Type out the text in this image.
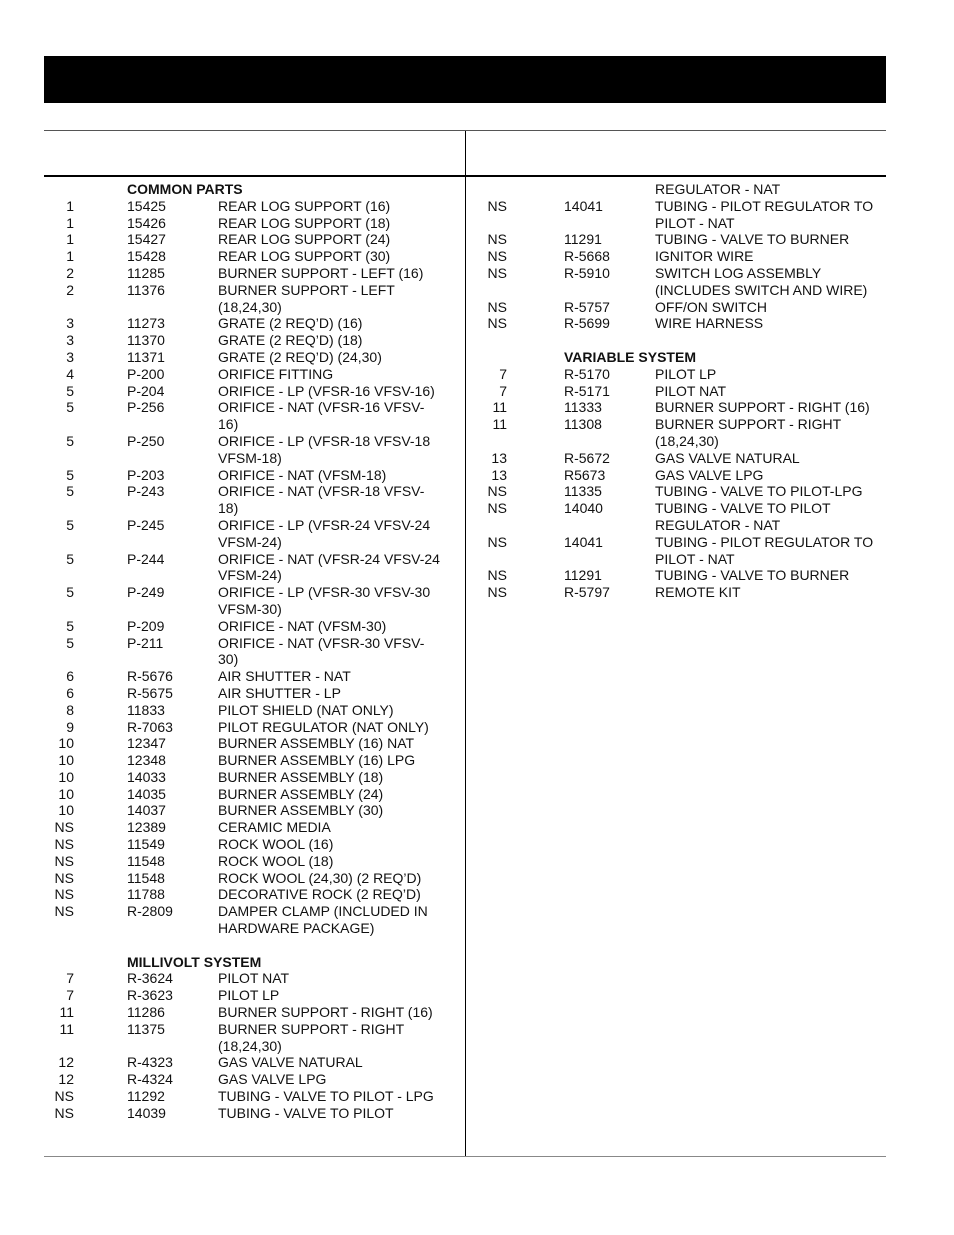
COMMON PARTS
1	15425	REAR LOG SUPPORT (16)
1	15426	REAR LOG SUPPORT (18)
1	15427	REAR LOG SUPPORT (24)
1	15428	REAR LOG SUPPORT (30)
2	11285	BURNER SUPPORT - LEFT (16)
2	11376	BURNER SUPPORT - LEFT
(18,24,30)
3	11273	GRATE (2 REQ’D) (16)
3	11370	GRATE (2 REQ’D) (18)
3	11371	GRATE (2 REQ’D) (24,30)
4	P-200	ORIFICE FITTING
5	P-204	ORIFICE - LP (VFSR-16 VFSV-16)
5	P-256	ORIFICE - NAT (VFSR-16 VFSV-
16)
5	P-250	ORIFICE - LP (VFSR-18 VFSV-18
VFSM-18)
5	P-203	ORIFICE - NAT (VFSM-18)
5	P-243	ORIFICE - NAT (VFSR-18 VFSV-
18)
5	P-245	ORIFICE - LP (VFSR-24 VFSV-24
VFSM-24)
5	P-244	ORIFICE - NAT (VFSR-24 VFSV-24
VFSM-24)
5	P-249	ORIFICE - LP (VFSR-30 VFSV-30
VFSM-30)
5	P-209	ORIFICE - NAT (VFSM-30)
5	P-211	ORIFICE - NAT (VFSR-30 VFSV-
30)
6	R-5676	AIR SHUTTER - NAT
6	R-5675	AIR SHUTTER - LP
8	11833	PILOT SHIELD (NAT ONLY)
9	R-7063	PILOT REGULATOR (NAT ONLY)
10	12347	BURNER ASSEMBLY (16) NAT
10	12348	BURNER ASSEMBLY (16) LPG
10	14033	BURNER ASSEMBLY (18)
10	14035	BURNER ASSEMBLY (24)
10	14037	BURNER ASSEMBLY (30)
NS	12389	CERAMIC MEDIA
NS	11549	ROCK WOOL (16)
NS	11548	ROCK WOOL (18)
NS	11548	ROCK WOOL (24,30) (2 REQ’D)
NS	11788	DECORATIVE ROCK (2 REQ’D)
NS	R-2809	DAMPER CLAMP (INCLUDED IN
HARDWARE PACKAGE)
MILLIVOLT SYSTEM
7	R-3624	PILOT NAT
7	R-3623	PILOT LP
11	11286	BURNER SUPPORT - RIGHT (16)
11	11375	BURNER SUPPORT - RIGHT
(18,24,30)
12	R-4323	GAS VALVE NATURAL
12	R-4324	GAS VALVE LPG
NS	11292	TUBING - VALVE TO PILOT - LPG
NS	14039	TUBING - VALVE TO PILOT
REGULATOR - NAT
NS	14041	TUBING - PILOT REGULATOR TO
PILOT - NAT
NS	11291	TUBING - VALVE TO BURNER
NS	R-5668	IGNITOR WIRE
NS	R-5910	SWITCH LOG ASSEMBLY
(INCLUDES SWITCH AND WIRE)
NS	R-5757	OFF/ON SWITCH
NS	R-5699	WIRE HARNESS
VARIABLE SYSTEM
7	R-5170	PILOT LP
7	R-5171	PILOT NAT
11	11333	BURNER SUPPORT - RIGHT (16)
11	11308	BURNER SUPPORT - RIGHT
(18,24,30)
13	R-5672	GAS VALVE NATURAL
13	R5673	GAS VALVE LPG
NS	11335	TUBING - VALVE TO PILOT-LPG
NS	14040	TUBING - VALVE TO PILOT
REGULATOR - NAT
NS	14041	TUBING - PILOT REGULATOR TO
PILOT - NAT
NS	11291	TUBING - VALVE TO BURNER
NS	R-5797	REMOTE KIT
